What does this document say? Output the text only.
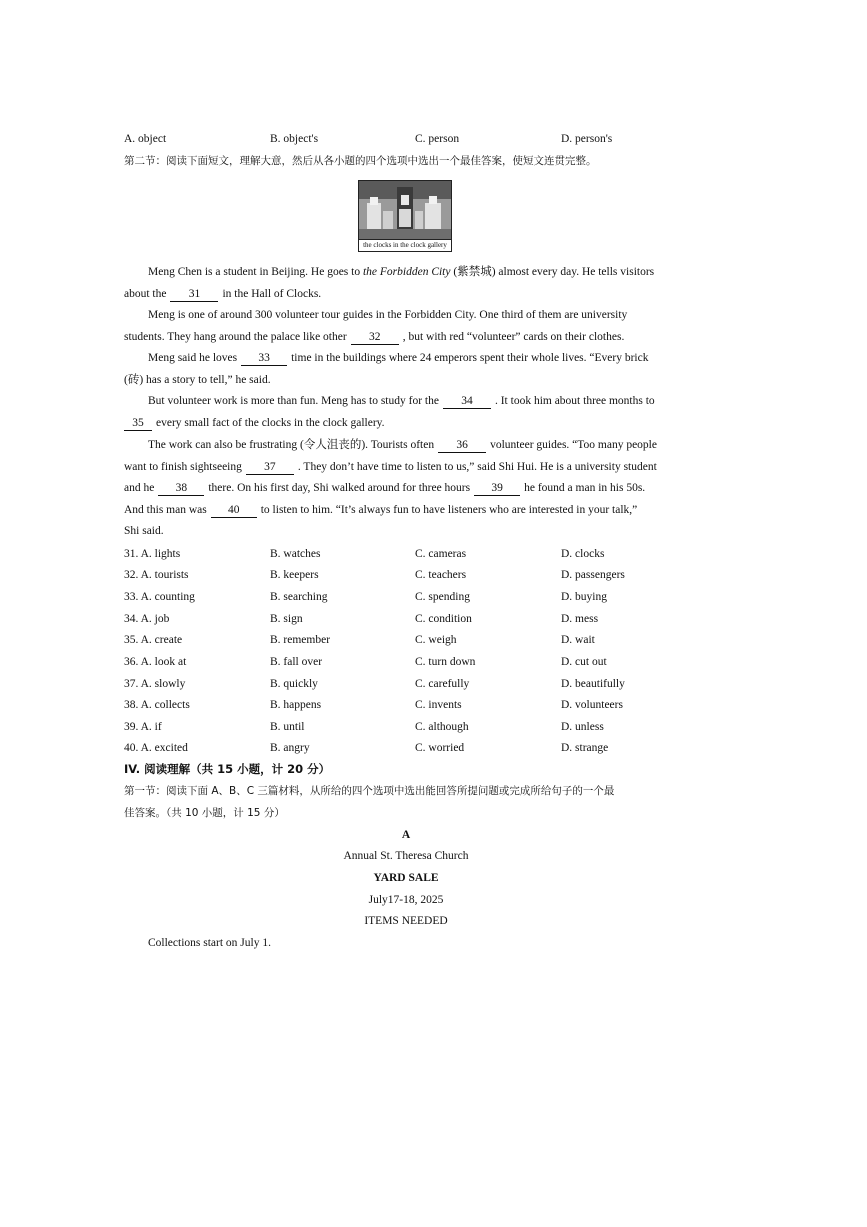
A. object	B. object's	C. person	D. person's
第二节：阅读下面短文，理解大意，然后从各小题的四个选项中选出一个最佳答案，使短文连贯完整。
the clocks in the clock gallery
Meng Chen is a student in Beijing. He goes to the Forbidden City (紫禁城) almost every day. He tells visitors
about the 31 in the Hall of Clocks.
Meng is one of around 300 volunteer tour guides in the Forbidden City. One third of them are university
students. They hang around the palace like other 32 , but with red “volunteer” cards on their clothes.
Meng said he loves 33 time in the buildings where 24 emperors spent their whole lives. “Every brick
(砖) has a story to tell,” he said.
But volunteer work is more than fun. Meng has to study for the 34 . It took him about three months to
35 every small fact of the clocks in the clock gallery.
The work can also be frustrating (令人沮丧的). Tourists often 36 volunteer guides. “Too many people
want to finish sightseeing 37 . They don’t have time to listen to us,” said Shi Hui. He is a university student
and he 38 there. On his first day, Shi walked around for three hours 39 he found a man in his 50s.
And this man was 40 to listen to him. “It’s always fun to have listeners who are interested in your talk,”
Shi said.
31. A. lights	B. watches	C. cameras	D. clocks
32. A. tourists	B. keepers	C. teachers	D. passengers
33. A. counting	B. searching	C. spending	D. buying
34. A. job	B. sign	C. condition	D. mess
35. A. create	B. remember	C. weigh	D. wait
36. A. look at	B. fall over	C. turn down	D. cut out
37. A. slowly	B. quickly	C. carefully	D. beautifully
38. A. collects	B. happens	C. invents	D. volunteers
39. A. if	B. until	C. although	D. unless
40. A. excited	B. angry	C. worried	D. strange
IV. 阅读理解（共 15 小题，计 20 分）
第一节：阅读下面 A、B、C 三篇材料，从所给的四个选项中选出能回答所提问题或完成所给句子的一个最
佳答案。（共 10 小题，计 15 分）
A
Annual St. Theresa Church
YARD SALE
July17-18, 2025
ITEMS NEEDED
Collections start on July 1.
